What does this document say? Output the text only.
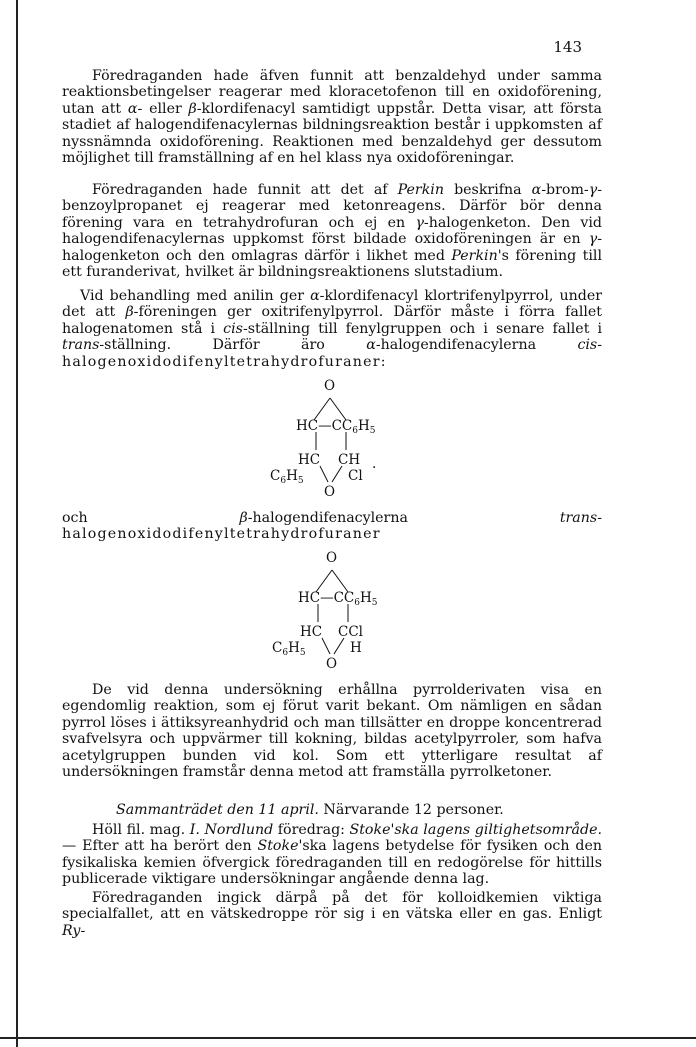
143
Föredraganden hade äfven funnit att benzaldehyd under samma reaktionsbetingelser reagerar med kloracetofenon till en oxidoförening, utan att α- eller β-klordifenacyl samtidigt uppstår. Detta visar, att första stadiet af halogendifenacylernas bildningsreaktion består i uppkomsten af nyssnämnda oxidoförening. Reaktionen med benzaldehyd ger dessutom möjlighet till framställning af en hel klass nya oxidoföreningar.
Föredraganden hade funnit att det af Perkin beskrifna α-brom-γ-benzoylpropanet ej reagerar med ketonreagens. Därför bör denna förening vara en tetrahydrofuran och ej en γ-halogenketon. Den vid halogendifenacylernas uppkomst först bildade oxidoföreningen är en γ-halogenketon och den omlagras därför i likhet med Perkin's förening till ett furanderivat, hvilket är bildningsreaktionens slutstadium.
Vid behandling med anilin ger α-klordifenacyl klortrifenylpyrrol, under det att β-föreningen ger oxitrifenylpyrrol. Därför måste i förra fallet halogenatomen stå i cis-ställning till fenylgruppen och i senare fallet i trans-ställning. Därför äro α-halogendifenacylerna cis-halogenoxidodifenyltetrahydrofuraner:
O
$HC—CC_6H_5$
HC CH .
$C_6H_5$	Cl
O
och β-halogendifenacylerna trans- halogenoxidodifenyltetrahydrofuraner
O
$HC—CC_6H_5$
HC CCl
$C_6H_5$	H
O
De vid denna undersökning erhållna pyrrolderivaten visa en egendomlig reaktion, som ej förut varit bekant. Om nämligen en sådan pyrrol löses i ättiksyreanhydrid och man tillsätter en droppe koncentrerad svafvelsyra och uppvärmer till kokning, bildas acetylpyrroler, som hafva acetylgruppen bunden vid kol. Som ett ytterligare resultat af undersökningen framstår denna metod att framställa pyrrolketoner.
Sammanträdet den 11 april. Närvarande 12 personer.
Höll fil. mag. I. Nordlund föredrag: Stoke'ska lagens giltighetsområde. — Efter att ha berört den Stoke'ska lagens betydelse för fysiken och den fysikaliska kemien öfvergick föredraganden till en redogörelse för hittills publicerade viktigare undersökningar angående denna lag.
Föredraganden ingick därpå på det för kolloidkemien viktiga specialfallet, att en vätskedroppe rör sig i en vätska eller en gas. Enligt Ry-
